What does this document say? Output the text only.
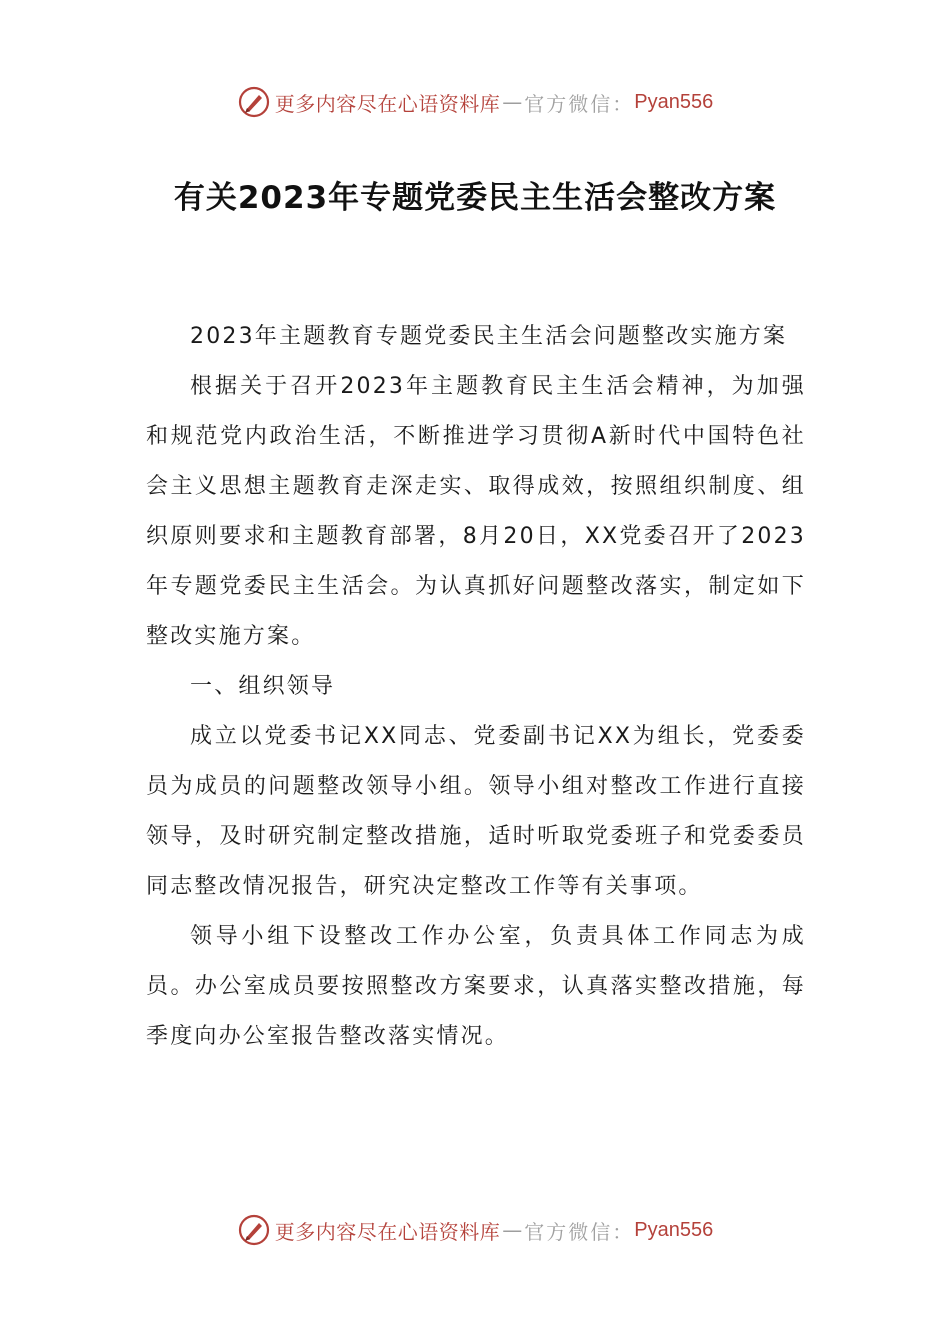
更多内容尽在心语资料库 — 官方微信： Pyan556
有关2023年专题党委民主生活会整改方案

2023年主题教育专题党委民主生活会问题整改实施方案

根据关于召开2023年主题教育民主生活会精神，为加强和规范党内政治生活，不断推进学习贯彻A新时代中国特色社会主义思想主题教育走深走实、取得成效，按照组织制度、组织原则要求和主题教育部署，8月20日，XX党委召开了2023年专题党委民主生活会。为认真抓好问题整改落实，制定如下整改实施方案。

一、组织领导

成立以党委书记XX同志、党委副书记XX为组长，党委委员为成员的问题整改领导小组。领导小组对整改工作进行直接领导，及时研究制定整改措施，适时听取党委班子和党委委员同志整改情况报告，研究决定整改工作等有关事项。

领导小组下设整改工作办公室，负责具体工作同志为成员。办公室成员要按照整改方案要求，认真落实整改措施，每季度向办公室报告整改落实情况。

更多内容尽在心语资料库 — 官方微信： Pyan556
